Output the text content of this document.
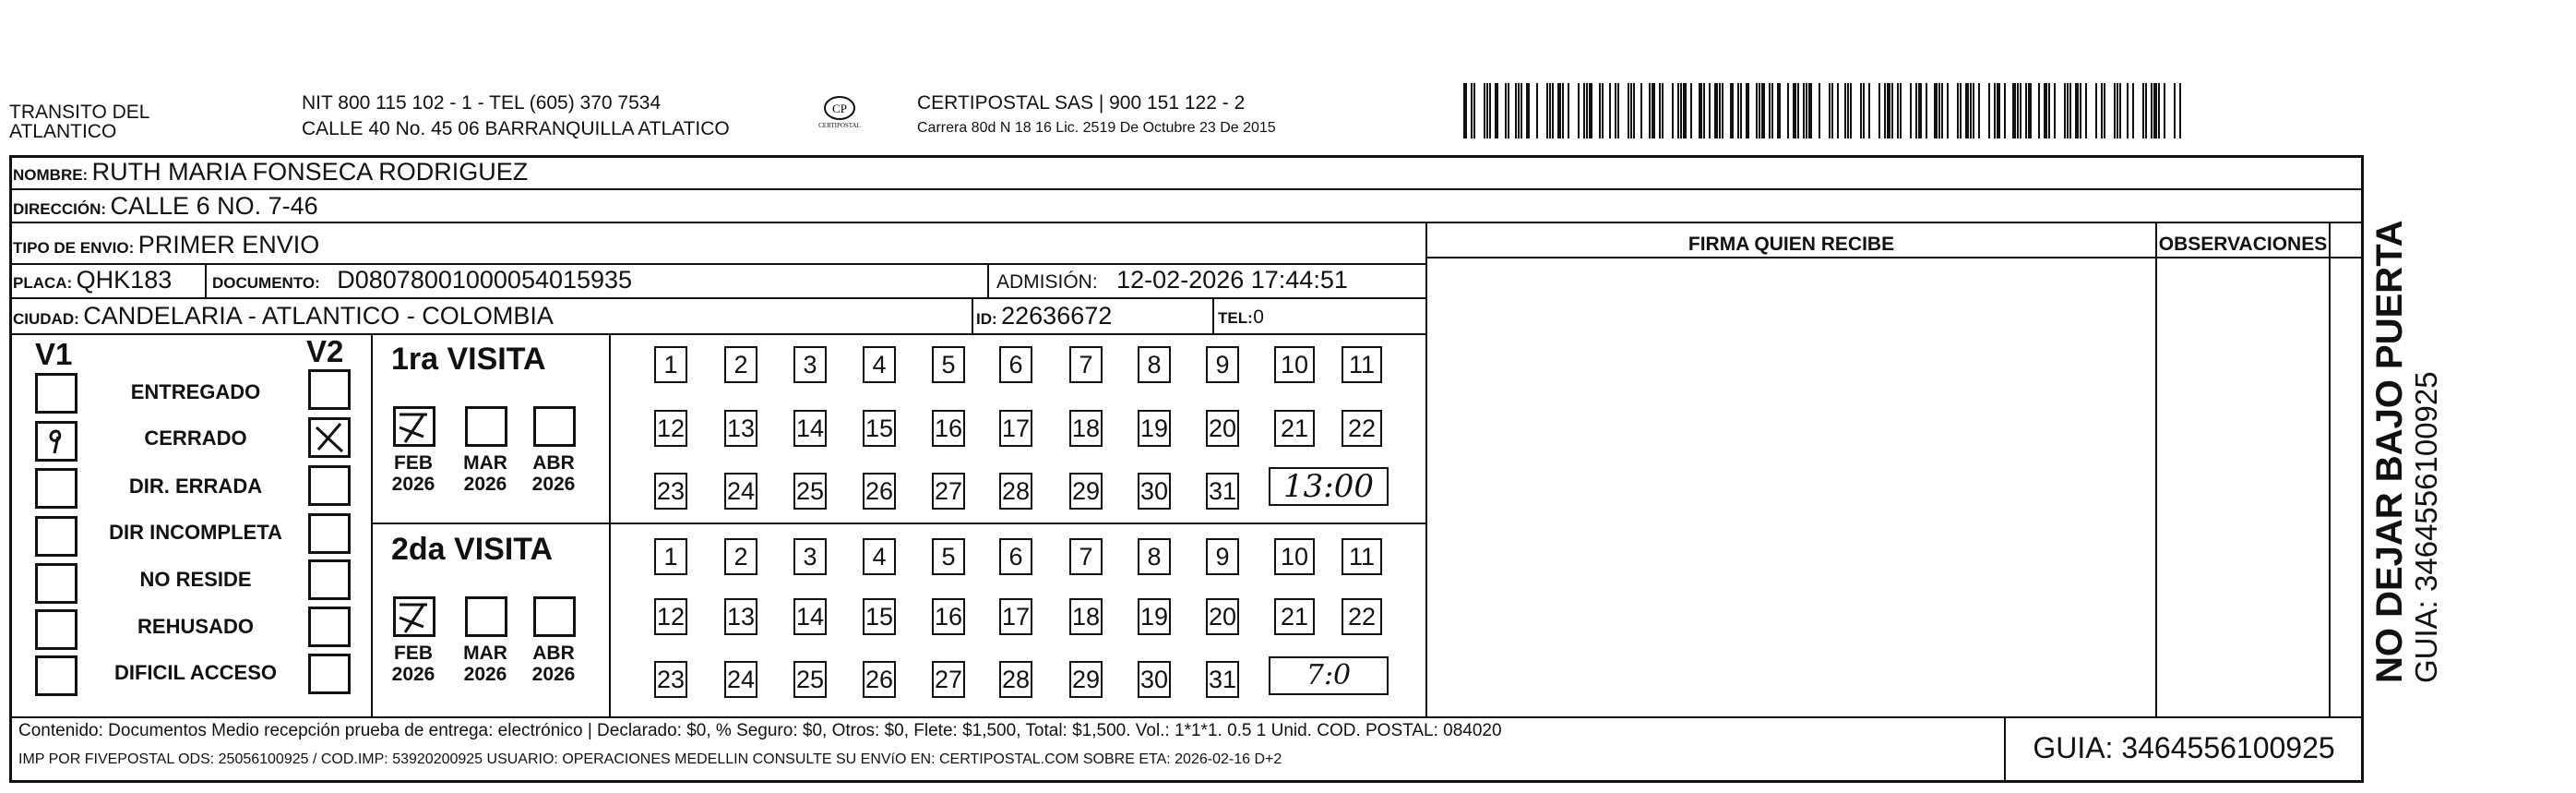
TRANSITO DEL
ATLANTICO
NIT 800 115 102 - 1 - TEL (605) 370 7534
CALLE 40 No. 45 06 BARRANQUILLA ATLATICO
CP
CERTIPOSTAL
CERTIPOSTAL SAS | 900 151 122 - 2
Carrera 80d N 18 16 Lic. 2519 De Octubre 23 De 2015
NOMBRE: RUTH MARIA FONSECA RODRIGUEZ
DIRECCIÓN: CALLE 6 NO. 7-46
TIPO DE ENVIO: PRIMER ENVIO
PLACA: QHK183	DOCUMENTO: D08078001000054015935	ADMISIÓN: 12-02-2026 17:44:51
CIUDAD: CANDELARIA - ATLANTICO - COLOMBIA	ID: 22636672	TEL: 0
FIRMA QUIEN RECIBE	OBSERVACIONES
V1	V2
ENTREGADO
CERRADO
DIR. ERRADA
DIR INCOMPLETA
NO RESIDE
REHUSADO
DIFICIL ACCESO
1ra VISITA
2da VISITA
FEB
2026
MAR
2026
ABR
2026
FEB
2026
MAR
2026
ABR
2026
1	2	3	4	5	6	7	8	9	10 11
12 13 14 15 16 17 18 19 20 21 22
23 24 25 26 27 28 29 30 31
1	2	3	4	5	6	7	8	9	10 11
12 13 14 15 16 17 18 19 20 21 22
23 24 25 26 27 28 29 30 31
13:00
7:0
Contenido: Documentos Medio recepción prueba de entrega: electrónico | Declarado: $0, % Seguro: $0, Otros: $0, Flete: $1,500, Total: $1,500. Vol.: 1*1*1. 0.5 1 Unid. COD. POSTAL: 084020
IMP POR FIVEPOSTAL ODS: 25056100925 / COD.IMP: 53920200925 USUARIO: OPERACIONES MEDELLIN CONSULTE SU ENVíO EN: CERTIPOSTAL.COM SOBRE ETA: 2026-02-16 D+2	GUIA: 3464556100925
NO DEJAR BAJO PUERTA GUIA: 3464556100925
